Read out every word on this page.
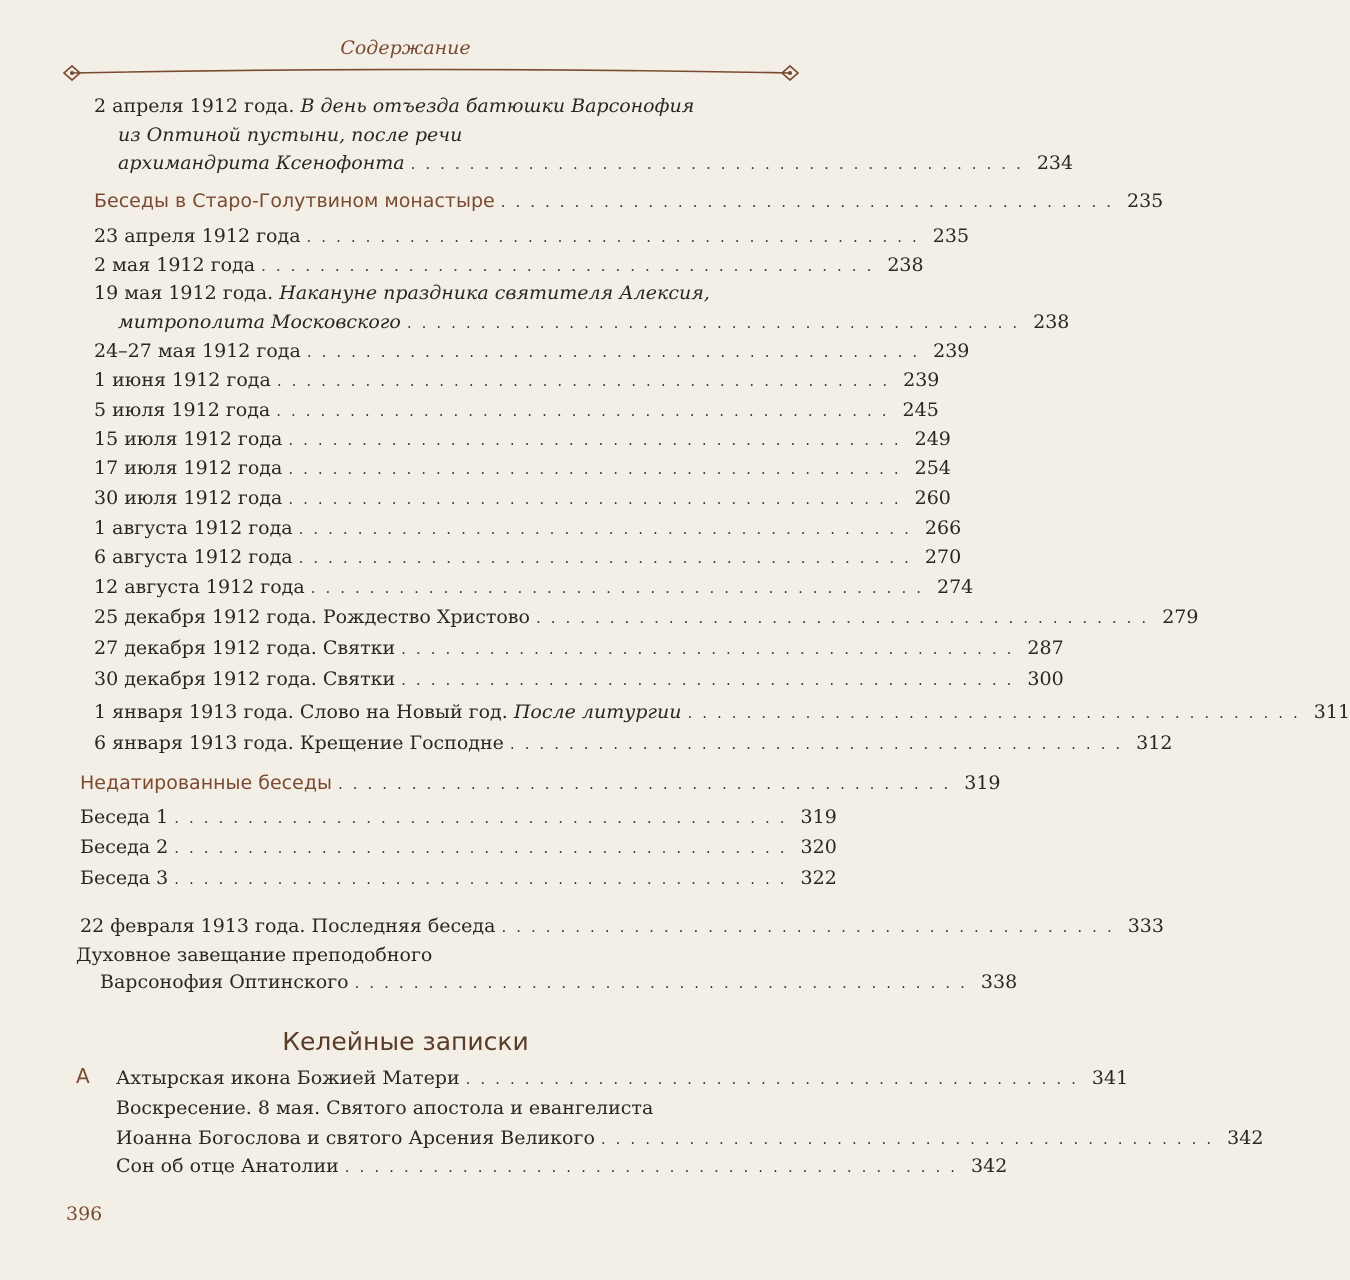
Содержание
2 апреля 1912 года. В день отъезда батюшки Варсонофия
из Оптиной пустыни, после речи
архимандрита Ксенофонта .......................................... 234
Беседы в Старо-Голутвином монастыре .......................................... 235
23 апреля 1912 года .......................................... 235
2 мая 1912 года .......................................... 238
19 мая 1912 года. Накануне праздника святителя Алексия,
митрополита Московского .......................................... 238
24–27 мая 1912 года .......................................... 239
1 июня 1912 года .......................................... 239
5 июля 1912 года .......................................... 245
15 июля 1912 года .......................................... 249
17 июля 1912 года .......................................... 254
30 июля 1912 года .......................................... 260
1 августа 1912 года .......................................... 266
6 августа 1912 года .......................................... 270
12 августа 1912 года .......................................... 274
25 декабря 1912 года. Рождество Христово .......................................... 279
27 декабря 1912 года. Святки .......................................... 287
30 декабря 1912 года. Святки .......................................... 300
1 января 1913 года. Слово на Новый год. После литургии .......................................... 311
6 января 1913 года. Крещение Господне .......................................... 312
Недатированные беседы .......................................... 319
Беседа 1 .......................................... 319
Беседа 2 .......................................... 320
Беседа 3 .......................................... 322
22 февраля 1913 года. Последняя беседа .......................................... 333
Духовное завещание преподобного
Варсонофия Оптинского .......................................... 338
Келейные записки
А Ахтырская икона Божией Матери .......................................... 341
Воскресение. 8 мая. Святого апостола и евангелиста
Иоанна Богослова и святого Арсения Великого .......................................... 342
Сон об отце Анатолии .......................................... 342
396
